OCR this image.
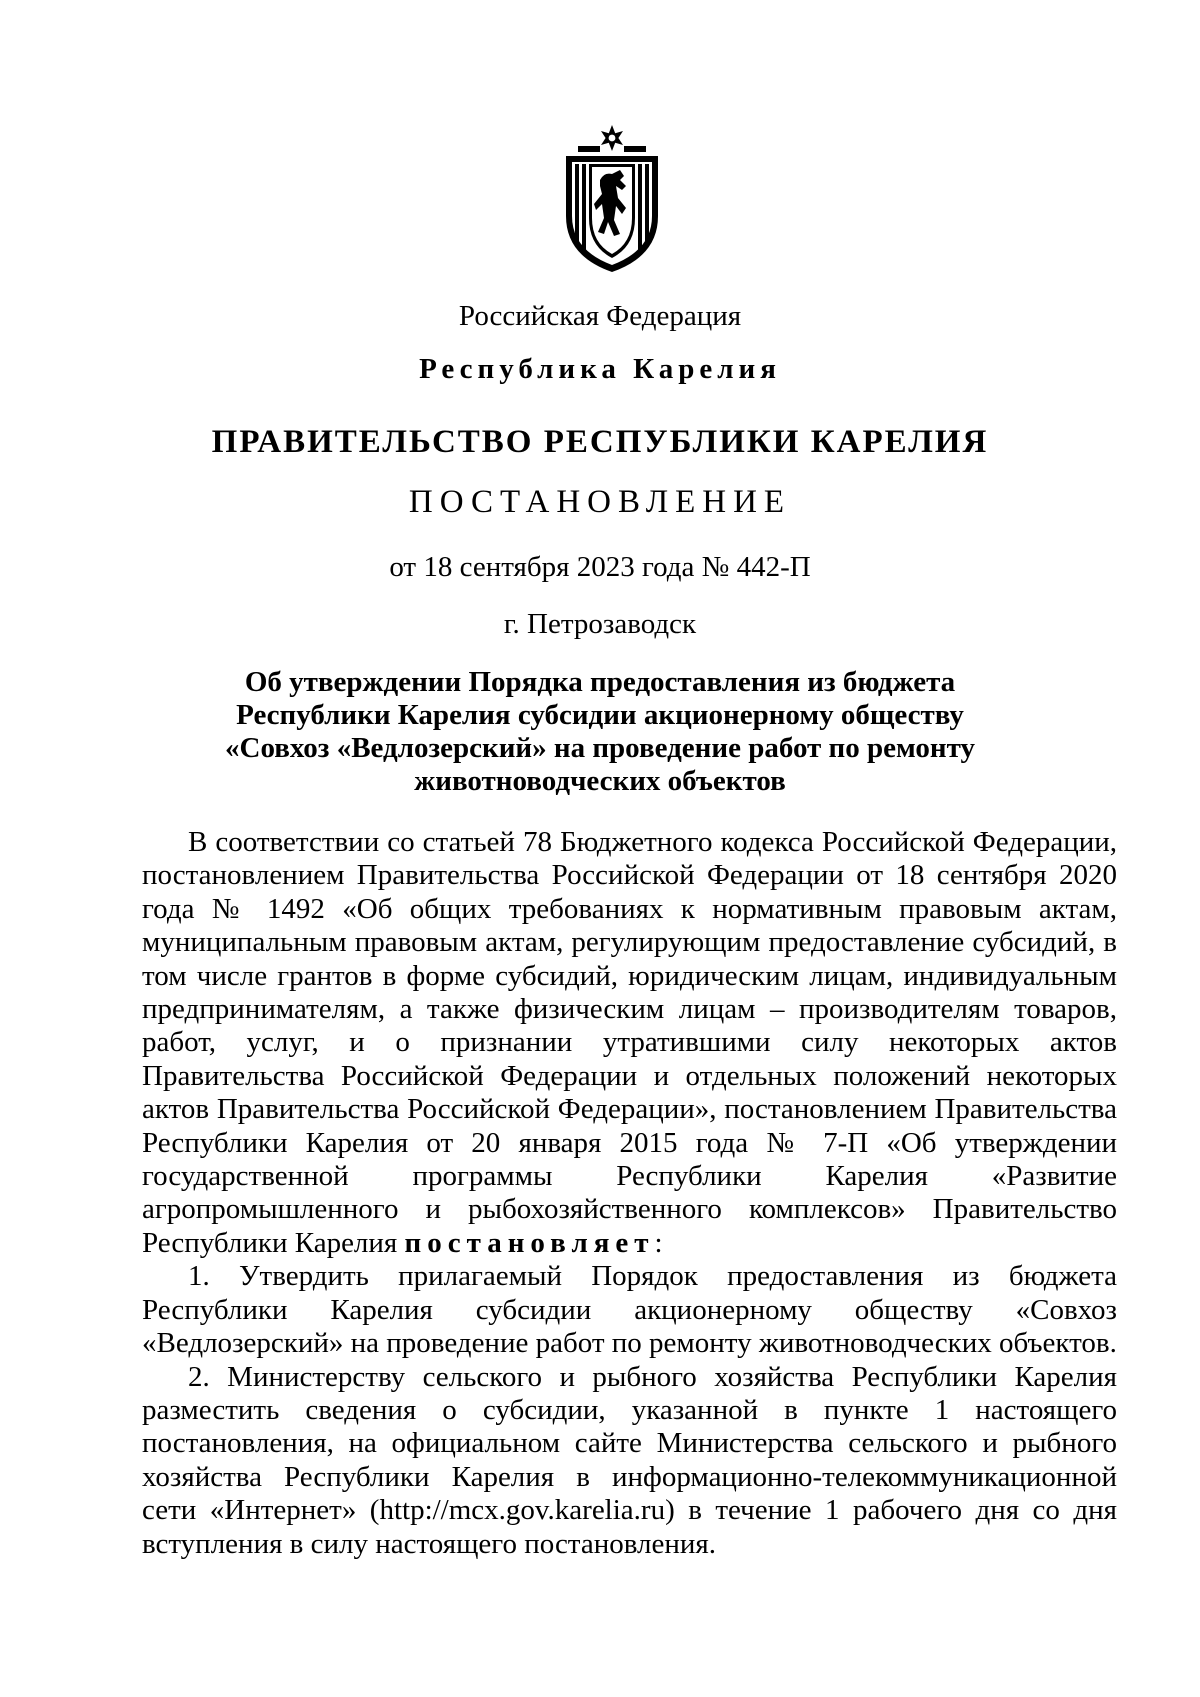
Российская Федерация
Республика Карелия
ПРАВИТЕЛЬСТВО РЕСПУБЛИКИ КАРЕЛИЯ
ПОСТАНОВЛЕНИЕ
от 18 сентября 2023 года № 442-П
г. Петрозаводск
Об утверждении Порядка предоставления из бюджета
Республики Карелия субсидии акционерному обществу
«Совхоз «Ведлозерский» на проведение работ по ремонту
животноводческих объектов

В соответствии со статьей 78 Бюджетного кодекса Российской Федерации, постановлением Правительства Российской Федерации от 18 сентября 2020 года № 1492 «Об общих требованиях к нормативным правовым актам, муниципальным правовым актам, регулирующим предоставление субсидий, в том числе грантов в форме субсидий, юридическим лицам, индивидуальным предпринимателям, а также физическим лицам – производителям товаров, работ, услуг, и о признании утратившими силу некоторых актов Правительства Российской Федерации и отдельных положений некоторых актов Правительства Российской Федерации», постановлением Правительства Республики Карелия от 20 января 2015 года № 7-П «Об утверждении государственной программы Республики Карелия «Развитие агропромышленного и рыбохозяйственного комплексов» Правительство Республики Карелия постановляет:

1. Утвердить прилагаемый Порядок предоставления из бюджета Республики Карелия субсидии акционерному обществу «Совхоз «Ведлозерский» на проведение работ по ремонту животноводческих объектов.

2. Министерству сельского и рыбного хозяйства Республики Карелия разместить сведения о субсидии, указанной в пункте 1 настоящего постановления, на официальном сайте Министерства сельского и рыбного хозяйства Республики Карелия в информационно-телекоммуникационной сети «Интернет» (http://mcx.gov.karelia.ru) в течение 1 рабочего дня со дня вступления в силу настоящего постановления.
